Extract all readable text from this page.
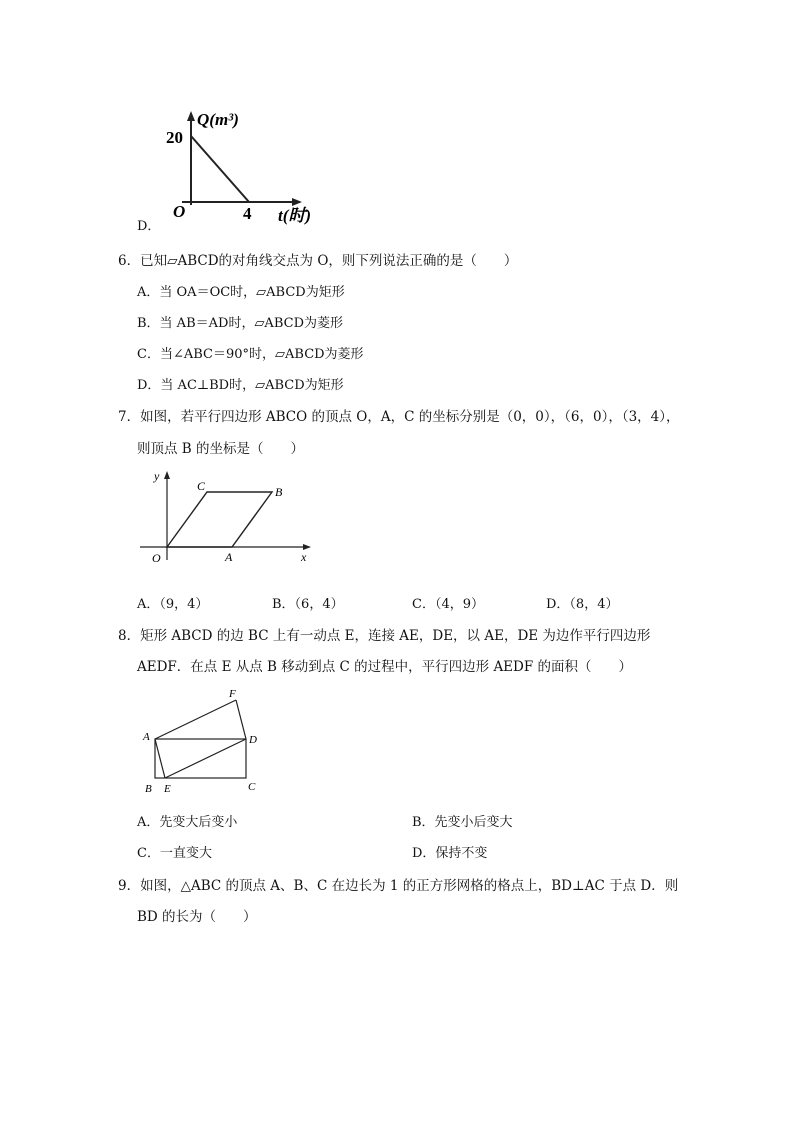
Q(m³)
20
O	4 t(时)
D．
6．已知▱ABCD的对角线交点为 O，则下列说法正确的是（　　）
A．当 OA＝OC时，▱ABCD为矩形
B．当 AB＝AD时，▱ABCD为菱形
C．当∠ABC＝90°时，▱ABCD为菱形
D．当 AC⊥BD时，▱ABCD为矩形
7．如图，若平行四边形 ABCO 的顶点 O，A，C 的坐标分别是（0，0），（6，0），（3，4），
则顶点 B 的坐标是（　　）
y
x
O	A
B
C
A．（9，4）	B．（6，4）	C．（4，9）	D．（8，4）
8．矩形 ABCD 的边 BC 上有一动点 E，连接 AE，DE，以 AE，DE 为边作平行四边形
AEDF．在点 E 从点 B 移动到点 C 的过程中，平行四边形 AEDF 的面积（　　）
A
B E	C
D
F
A．先变大后变小	B．先变小后变大
C．一直变大	D．保持不变
9．如图，△ABC 的顶点 A、B、C 在边长为 1 的正方形网格的格点上，BD⊥AC 于点 D．则
BD 的长为（　　）
